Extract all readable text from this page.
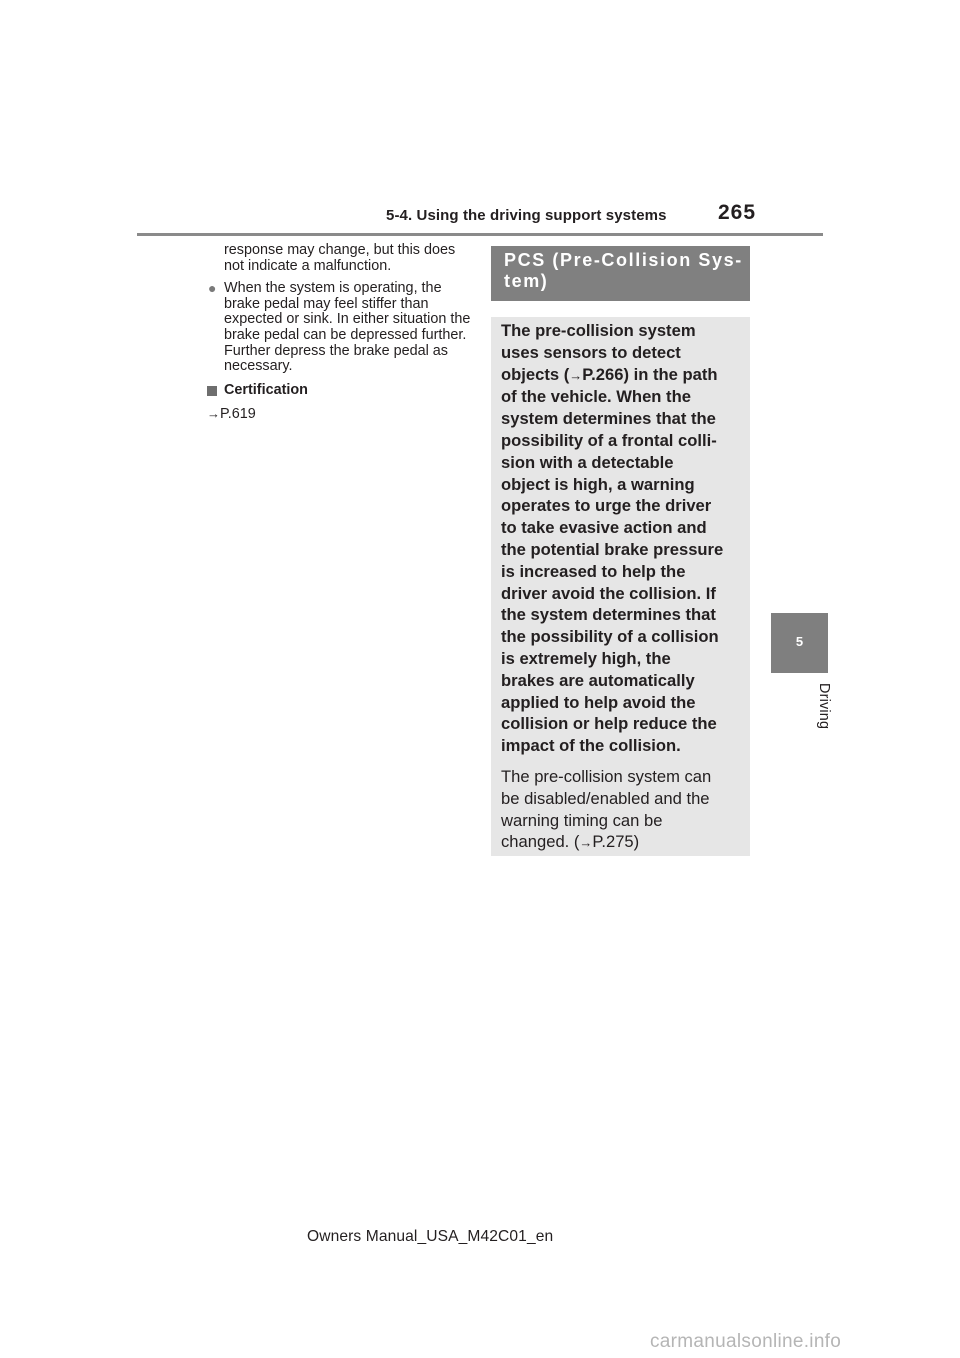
5-4. Using the driving support systems 265

response may change, but this does not indicate a malfunction.

● When the system is operating, the brake pedal may feel stiffer than expected or sink. In either situation the brake pedal can be depressed further. Further depress the brake pedal as necessary.
Certification

→P.619

PCS (Pre-Collision Sys-
tem)
The pre-collision system
uses sensors to detect
objects (→P.266) in the path
of the vehicle. When the
system determines that the
possibility of a frontal colli-
sion with a detectable
object is high, a warning
operates to urge the driver
to take evasive action and
the potential brake pressure
is increased to help the
driver avoid the collision. If
the system determines that
the possibility of a collision
is extremely high, the
brakes are automatically
applied to help avoid the
collision or help reduce the
impact of the collision.
The pre-collision system can
be disabled/enabled and the
warning timing can be
changed. (→P.275)
5
Driving
Owners Manual_USA_M42C01_en
carmanualsonline.info
